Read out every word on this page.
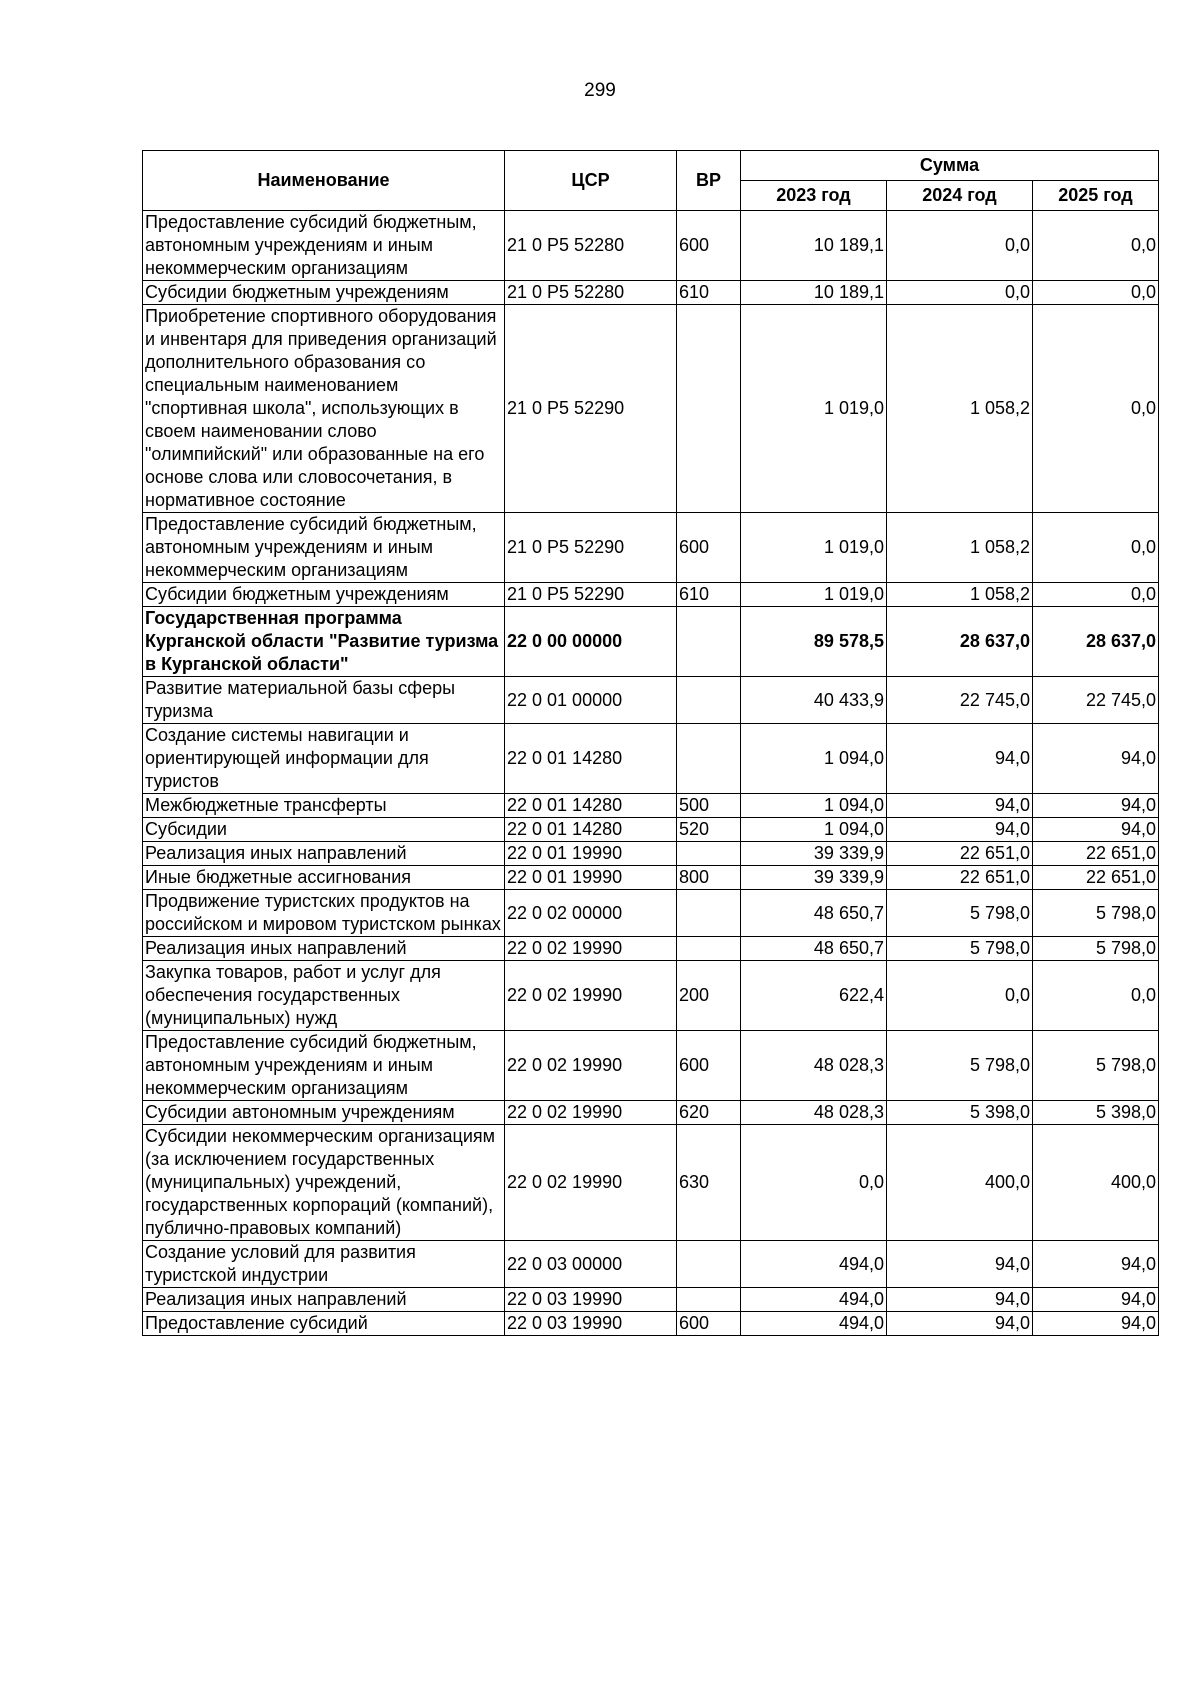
299
Наименование	ЦСР	ВР	Сумма		
			2023 год	2024 год	2025 год
Предоставление субсидий бюджетным, автономным учреждениям и иным некоммерческим организациям	21 0 P5 52280	600	10 189,1	0,0	0,0
Субсидии бюджетным учреждениям	21 0 P5 52280	610	10 189,1	0,0	0,0
Приобретение спортивного оборудования и инвентаря для приведения организаций дополнительного образования со специальным наименованием "спортивная школа", использующих в своем наименовании слово "олимпийский" или образованные на его основе слова или словосочетания, в нормативное состояние	21 0 P5 52290		1 019,0	1 058,2	0,0
Предоставление субсидий бюджетным, автономным учреждениям и иным некоммерческим организациям	21 0 P5 52290	600	1 019,0	1 058,2	0,0
Субсидии бюджетным учреждениям	21 0 P5 52290	610	1 019,0	1 058,2	0,0
Государственная программа Курганской области "Развитие туризма в Курганской области"	22 0 00 00000		89 578,5	28 637,0	28 637,0
Развитие материальной базы сферы туризма	22 0 01 00000		40 433,9	22 745,0	22 745,0
Создание системы навигации и ориентирующей информации для туристов	22 0 01 14280		1 094,0	94,0	94,0
Межбюджетные трансферты	22 0 01 14280	500	1 094,0	94,0	94,0
Субсидии	22 0 01 14280	520	1 094,0	94,0	94,0
Реализация иных направлений	22 0 01 19990		39 339,9	22 651,0	22 651,0
Иные бюджетные ассигнования	22 0 01 19990	800	39 339,9	22 651,0	22 651,0
Продвижение туристских продуктов на российском и мировом туристском рынках	22 0 02 00000		48 650,7	5 798,0	5 798,0
Реализация иных направлений	22 0 02 19990		48 650,7	5 798,0	5 798,0
Закупка товаров, работ и услуг для обеспечения государственных (муниципальных) нужд	22 0 02 19990	200	622,4	0,0	0,0
Предоставление субсидий бюджетным, автономным учреждениям и иным некоммерческим организациям	22 0 02 19990	600	48 028,3	5 798,0	5 798,0
Субсидии автономным учреждениям	22 0 02 19990	620	48 028,3	5 398,0	5 398,0
Субсидии некоммерческим организациям (за исключением государственных (муниципальных) учреждений, государственных корпораций (компаний), публично-правовых компаний)	22 0 02 19990	630	0,0	400,0	400,0
Создание условий для развития туристской индустрии	22 0 03 00000		494,0	94,0	94,0
Реализация иных направлений	22 0 03 19990		494,0	94,0	94,0
Предоставление субсидий	22 0 03 19990	600	494,0	94,0	94,0
